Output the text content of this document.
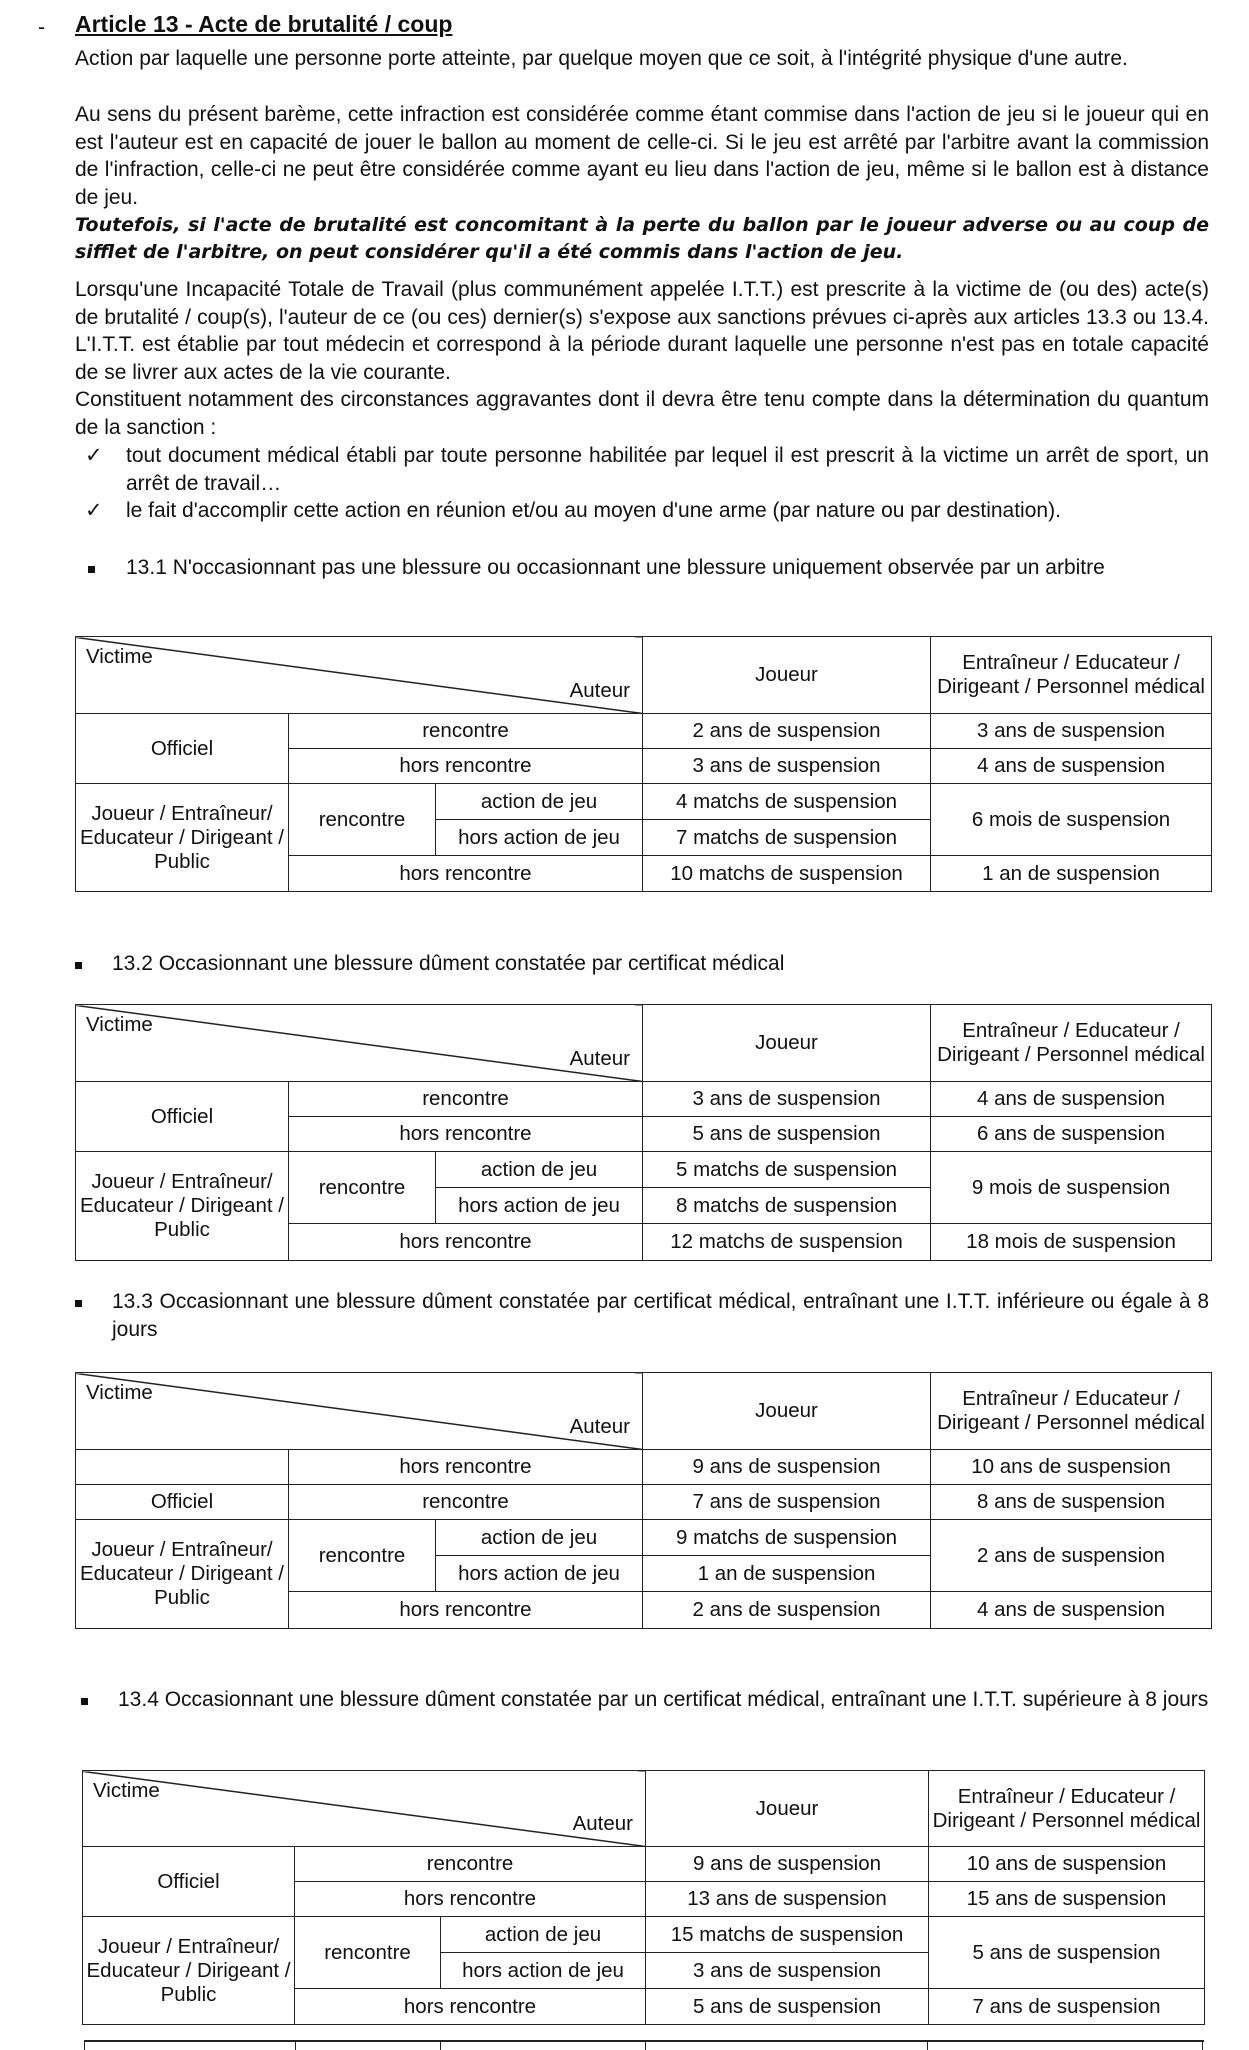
- Article 13 - Acte de brutalité / coup

Action par laquelle une personne porte atteinte, par quelque moyen que ce soit, à l'intégrité physique d'une autre.

Au sens du présent barème, cette infraction est considérée comme étant commise dans l'action de jeu si le joueur qui en est l'auteur est en capacité de jouer le ballon au moment de celle-ci. Si le jeu est arrêté par l'arbitre avant la commission de l'infraction, celle-ci ne peut être considérée comme ayant eu lieu dans l'action de jeu, même si le ballon est à distance de jeu.

Toutefois, si l'acte de brutalité est concomitant à la perte du ballon par le joueur adverse ou au coup de sifflet de l'arbitre, on peut considérer qu'il a été commis dans l'action de jeu.

Lorsqu'une Incapacité Totale de Travail (plus communément appelée I.T.T.) est prescrite à la victime de (ou des) acte(s) de brutalité / coup(s), l'auteur de ce (ou ces) dernier(s) s'expose aux sanctions prévues ci-après aux articles 13.3 ou 13.4. L'I.T.T. est établie par tout médecin et correspond à la période durant laquelle une personne n'est pas en totale capacité de se livrer aux actes de la vie courante.

Constituent notamment des circonstances aggravantes dont il devra être tenu compte dans la détermination du quantum de la sanction :

✓ tout document médical établi par toute personne habilitée par lequel il est prescrit à la victime un arrêt de sport, un arrêt de travail…
✓ le fait d'accomplir cette action en réunion et/ou au moyen d'une arme (par nature ou par destination).
13.1 N'occasionnant pas une blessure ou occasionnant une blessure uniquement observée par un arbitre
Victime
Auteur			Joueur	Entraîneur / Educateur / Dirigeant / Personnel médical
Officiel	rencontre		2 ans de suspension	3 ans de suspension
	hors rencontre		3 ans de suspension	4 ans de suspension
Joueur / Entraîneur/ Educateur / Dirigeant / Public	rencontre	action de jeu	4 matchs de suspension	6 mois de suspension
		hors action de jeu	7 matchs de suspension	
	hors rencontre		10 matchs de suspension	1 an de suspension
13.2 Occasionnant une blessure dûment constatée par certificat médical
Victime
Auteur			Joueur	Entraîneur / Educateur / Dirigeant / Personnel médical
Officiel	rencontre		3 ans de suspension	4 ans de suspension
	hors rencontre		5 ans de suspension	6 ans de suspension
Joueur / Entraîneur/ Educateur / Dirigeant / Public	rencontre	action de jeu	5 matchs de suspension	9 mois de suspension
		hors action de jeu	8 matchs de suspension	
	hors rencontre		12 matchs de suspension	18 mois de suspension
13.3 Occasionnant une blessure dûment constatée par certificat médical, entraînant une I.T.T. inférieure ou égale à 8 jours
Victime
Auteur			Joueur	Entraîneur / Educateur / Dirigeant / Personnel médical
	hors rencontre		9 ans de suspension	10 ans de suspension
Officiel	rencontre		7 ans de suspension	8 ans de suspension
Joueur / Entraîneur/ Educateur / Dirigeant / Public	rencontre	action de jeu	9 matchs de suspension	2 ans de suspension
		hors action de jeu	1 an de suspension	
	hors rencontre		2 ans de suspension	4 ans de suspension
13.4 Occasionnant une blessure dûment constatée par un certificat médical, entraînant une I.T.T. supérieure à 8 jours
Victime
Auteur			Joueur	Entraîneur / Educateur / Dirigeant / Personnel médical
Officiel	rencontre		9 ans de suspension	10 ans de suspension
	hors rencontre		13 ans de suspension	15 ans de suspension
Joueur / Entraîneur/ Educateur / Dirigeant / Public	rencontre	action de jeu	15 matchs de suspension	5 ans de suspension
		hors action de jeu	3 ans de suspension	
	hors rencontre		5 ans de suspension	7 ans de suspension
